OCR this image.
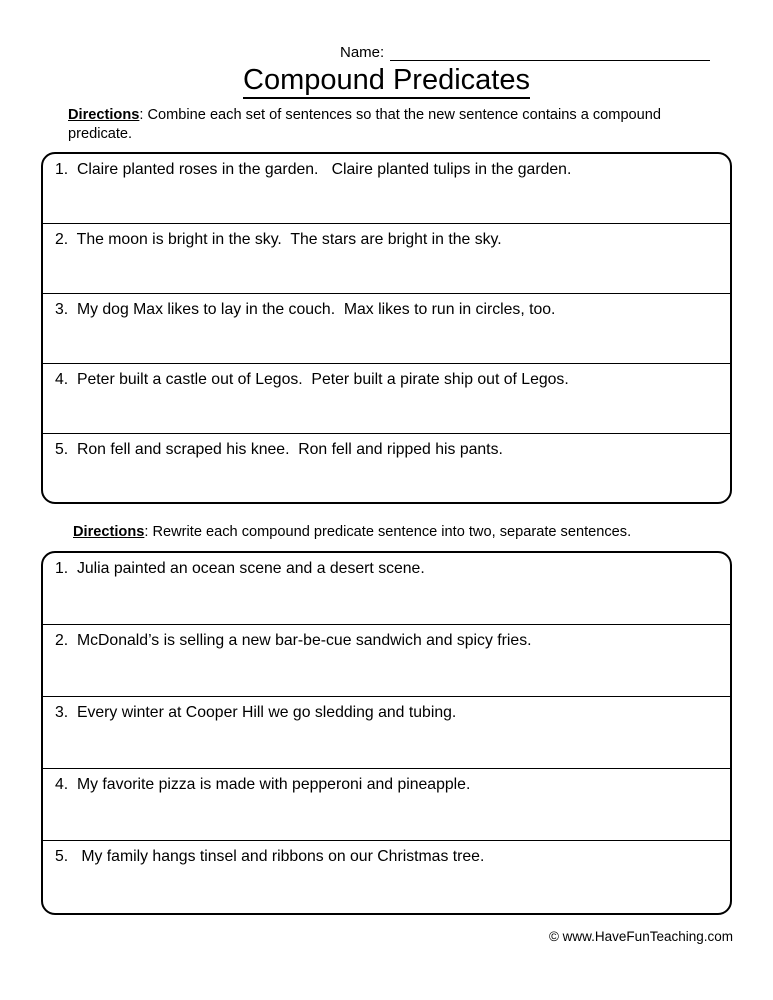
Name:
Compound Predicates
Directions: Combine each set of sentences so that the new sentence contains a compound predicate.
1.  Claire planted roses in the garden.   Claire planted tulips in the garden.
2.  The moon is bright in the sky.  The stars are bright in the sky.
3.  My dog Max likes to lay in the couch.  Max likes to run in circles, too.
4.  Peter built a castle out of Legos.  Peter built a pirate ship out of Legos.
5.  Ron fell and scraped his knee.  Ron fell and ripped his pants.
Directions: Rewrite each compound predicate sentence into two, separate sentences.
1.  Julia painted an ocean scene and a desert scene.
2.  McDonald’s is selling a new bar-be-cue sandwich and spicy fries.
3.  Every winter at Cooper Hill we go sledding and tubing.
4.  My favorite pizza is made with pepperoni and pineapple.
5.   My family hangs tinsel and ribbons on our Christmas tree.
© www.HaveFunTeaching.com
